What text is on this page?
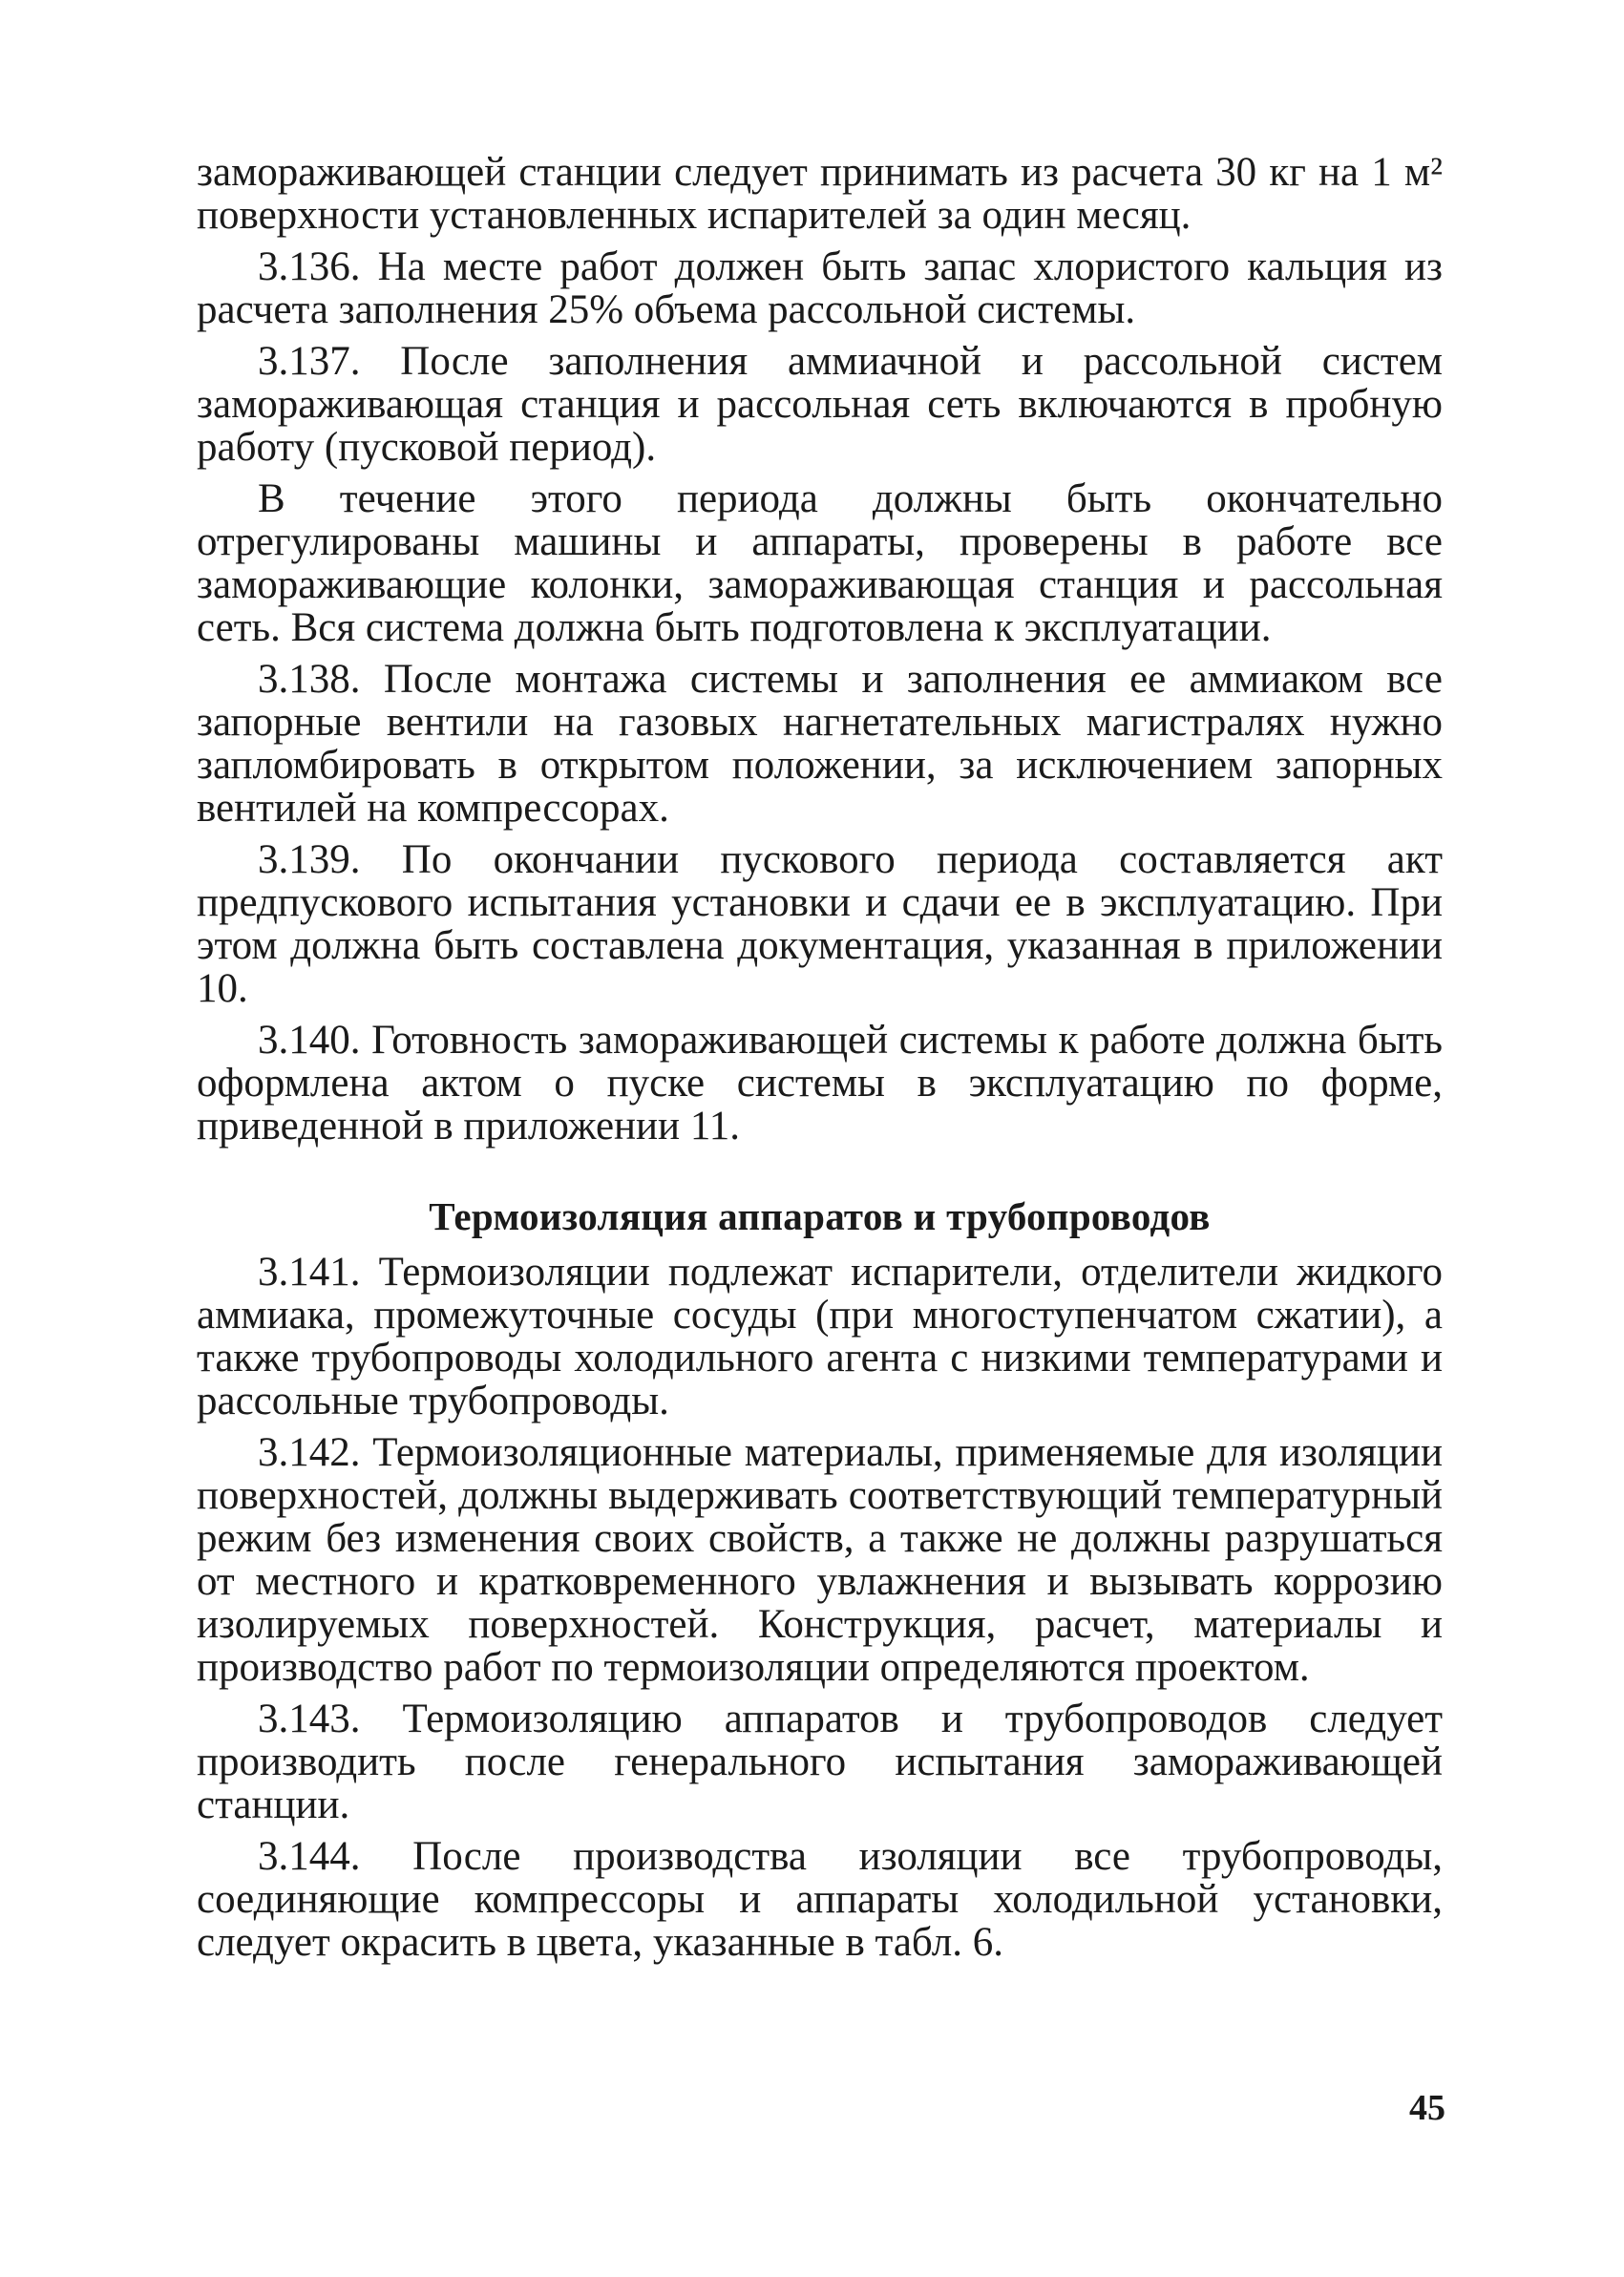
замораживающей станции следует принимать из расчета 30 кг на 1 м² поверхности установленных испарителей за один месяц.

3.136. На месте работ должен быть запас хлористого кальция из расчета заполнения 25% объема рассольной системы.

3.137. После заполнения аммиачной и рассольной систем замораживающая станция и рассольная сеть включаются в пробную работу (пусковой период).

В течение этого периода должны быть окончательно отрегулированы машины и аппараты, проверены в работе все замораживающие колонки, замораживающая станция и рассольная сеть. Вся система должна быть подготовлена к эксплуатации.

3.138. После монтажа системы и заполнения ее аммиаком все запорные вентили на газовых нагнетательных магистралях нужно запломбировать в открытом положении, за исключением запорных вентилей на компрессорах.

3.139. По окончании пускового периода составляется акт предпускового испытания установки и сдачи ее в эксплуатацию. При этом должна быть составлена документация, указанная в приложении 10.

3.140. Готовность замораживающей системы к работе должна быть оформлена актом о пуске системы в эксплуатацию по форме, приведенной в приложении 11.

Термоизоляция аппаратов и трубопроводов

3.141. Термоизоляции подлежат испарители, отделители жидкого аммиака, промежуточные сосуды (при многоступенчатом сжатии), а также трубопроводы холодильного агента с низкими температурами и рассольные трубопроводы.

3.142. Термоизоляционные материалы, применяемые для изоляции поверхностей, должны выдерживать соответствующий температурный режим без изменения своих свойств, а также не должны разрушаться от местного и кратковременного увлажнения и вызывать коррозию изолируемых поверхностей. Конструкция, расчет, материалы и производство работ по термоизоляции определяются проектом.

3.143. Термоизоляцию аппаратов и трубопроводов следует производить после генерального испытания замораживающей станции.

3.144. После производства изоляции все трубопроводы, соединяющие компрессоры и аппараты холодильной установки, следует окрасить в цвета, указанные в табл. 6.

45
